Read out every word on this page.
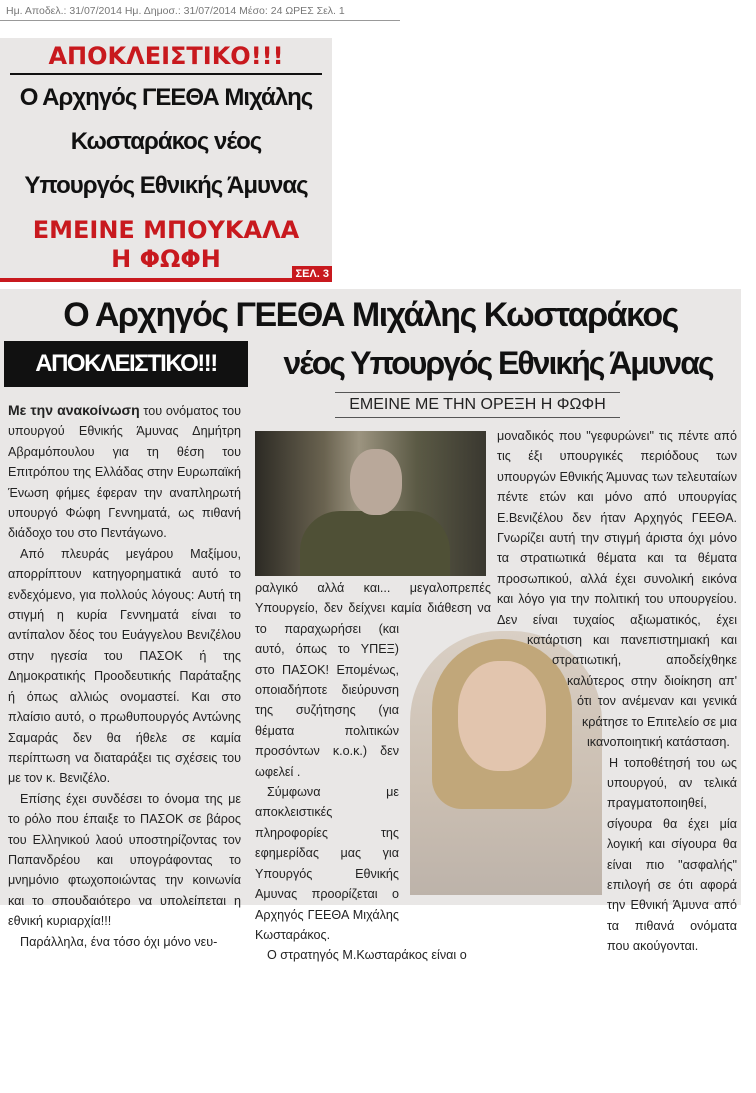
Ημ. Αποδελ.: 31/07/2014 Ημ. Δημοσ.: 31/07/2014 Μέσο: 24 ΩΡΕΣ Σελ. 1
ΑΠΟΚΛΕΙΣΤΙΚΟ!!!
Ο Αρχηγός ΓΕΕΘΑ Μιχάλης
Κωσταράκος νέος
Υπουργός Εθνικής Άμυνας
ΕΜΕΙΝΕ ΜΠΟΥΚΑΛΑ
Η ΦΩΦΗ
ΣΕΛ. 3
Ο Αρχηγός ΓΕΕΘΑ Μιχάλης Κωσταράκος
ΑΠΟΚΛΕΙΣΤΙΚΟ!!!	νέος Υπουργός Εθνικής Άμυνας
ΕΜΕΙΝΕ ΜΕ ΤΗΝ ΟΡΕΞΗ Η ΦΩΦΗ

Με την ανακοίνωση του ονόματος του υπουργού Εθνικής Άμυνας Δημήτρη Αβραμόπουλου για τη θέση του Επιτρόπου της Ελλάδας στην Ευρωπαϊκή Ένωση φήμες έφεραν την αναπληρωτή υπουργό Φώφη Γεννηματά, ως πιθανή διάδοχο του στο Πεντάγωνο.

Από πλευράς μεγάρου Μαξίμου, απορρίπτουν κατηγορηματικά αυτό το ενδεχόμενο, για πολλούς λόγους: Αυτή τη στιγμή η κυρία Γεννηματά είναι το αντίπαλον δέος του Ευάγγελου Βενιζέλου στην ηγεσία του ΠΑΣΟΚ ή της Δημοκρατικής Προοδευτικής Παράταξης ή όπως αλλιώς ονομαστεί. Και στο πλαίσιο αυτό, ο πρωθυπουργός Αντώνης Σαμαράς δεν θα ήθελε σε καμία περίπτωση να διαταράξει τις σχέσεις του με τον κ. Βενιζέλο.

Επίσης έχει συνδέσει το όνομα της με το ρόλο που έπαιξε το ΠΑΣΟΚ σε βάρος του Ελληνικού λαού υποστηρίζοντας τον Παπανδρέου και υπογράφοντας το μνημόνιο φτωχοποιώντας την κοινωνία και το σπουδαιότερο να υπολείπεται η εθνική κυριαρχία!!!

Παράλληλα, ένα τόσο όχι μόνο νευ-

ραλγικό αλλά και... μεγαλοπρεπές Υπουργείο, δεν δείχνει καμία διάθεση να το παραχωρήσει (και αυτό, όπως το ΥΠΕΞ) στο ΠΑΣΟΚ! Επομένως, οποιαδήποτε διεύρυνση της συζήτησης (για θέματα πολιτικών προσόντων κ.ο.κ.) δεν ωφελεί .

Σύμφωνα με αποκλειστικές πληροφορίες της εφημερίδας μας για Υπουργός Εθνικής Αμυνας προορίζεται ο Αρχηγός ΓΕΕΘΑ Μιχάλης Κωσταράκος.

Ο στρατηγός Μ.Κωσταράκος είναι ο

μοναδικός που "γεφυρώνει" τις πέντε από τις έξι υπουργικές περιόδους των υπουργών Εθνικής Άμυνας των τελευταίων πέντε ετών και μόνο από υπουργίας Ε.Βενιζέλου δεν ήταν Αρχηγός ΓΕΕΘΑ. Γνωρίζει αυτή την στιγμή άριστα όχι μόνο τα στρατιωτικά θέματα και τα θέματα προσωπικού, αλλά έχει συνολική εικόνα και λόγο για την πολιτική του υπουργείου. Δεν είναι τυχαίος αξιωματικός, έχει κατάρτιση και πανεπιστημιακή και στρατιωτική, αποδείχθηκε καλύτερος στην διοίκηση απ' ότι τον ανέμεναν και γενικά κράτησε το Επιτελείο σε μια ικανοποιητική κατάσταση.

Η τοποθέτησή του ως υπουργού, αν τελικά πραγματοποιηθεί, σίγουρα θα έχει μία λογική και σίγουρα θα είναι πιο "ασφαλής" επιλογή σε ότι αφορά την Εθνική Άμυνα από τα πιθανά ονόματα που ακούγονται.
